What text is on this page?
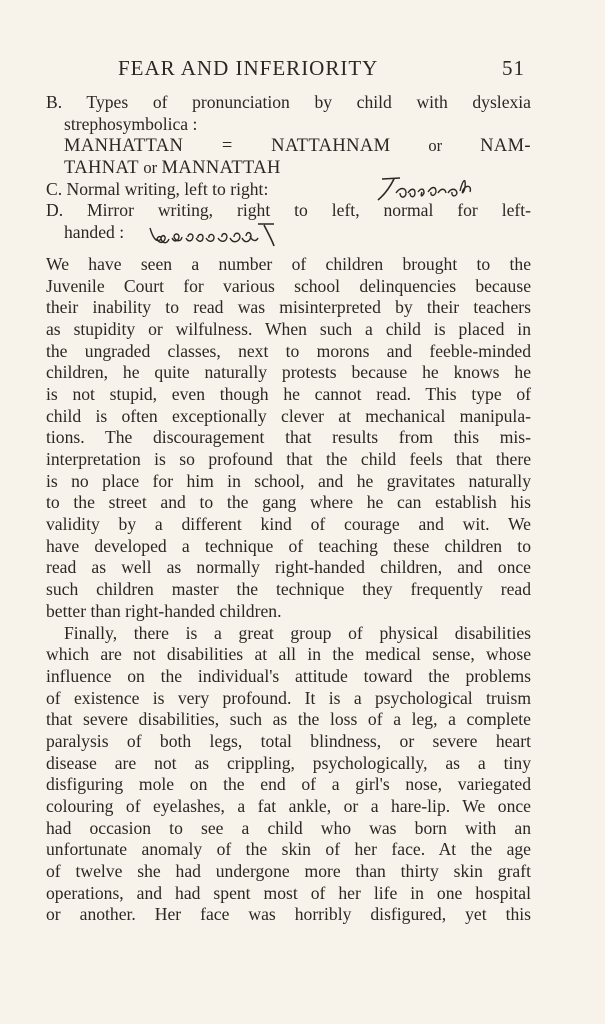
FEAR AND INFERIORITY	51
B. Types of pronunciation by child with dyslexia
strephosymbolica :
MANHATTAN = NATTAHNAM or NAM-
TAHNAT or MANNATTAH
C. Normal writing, left to right:
D. Mirror writing, right to left, normal for left-
handed :
We have seen a number of children brought to the
Juvenile Court for various school delinquencies because
their inability to read was misinterpreted by their teachers
as stupidity or wilfulness. When such a child is placed in
the ungraded classes, next to morons and feeble-minded
children, he quite naturally protests because he knows he
is not stupid, even though he cannot read. This type of
child is often exceptionally clever at mechanical manipula-
tions. The discouragement that results from this mis-
interpretation is so profound that the child feels that there
is no place for him in school, and he gravitates naturally
to the street and to the gang where he can establish his
validity by a different kind of courage and wit. We
have developed a technique of teaching these children to
read as well as normally right-handed children, and once
such children master the technique they frequently read
better than right-handed children.
Finally, there is a great group of physical disabilities
which are not disabilities at all in the medical sense, whose
influence on the individual's attitude toward the problems
of existence is very profound. It is a psychological truism
that severe disabilities, such as the loss of a leg, a complete
paralysis of both legs, total blindness, or severe heart
disease are not as crippling, psychologically, as a tiny
disfiguring mole on the end of a girl's nose, variegated
colouring of eyelashes, a fat ankle, or a hare-lip. We once
had occasion to see a child who was born with an
unfortunate anomaly of the skin of her face. At the age
of twelve she had undergone more than thirty skin graft
operations, and had spent most of her life in one hospital
or another. Her face was horribly disfigured, yet this
